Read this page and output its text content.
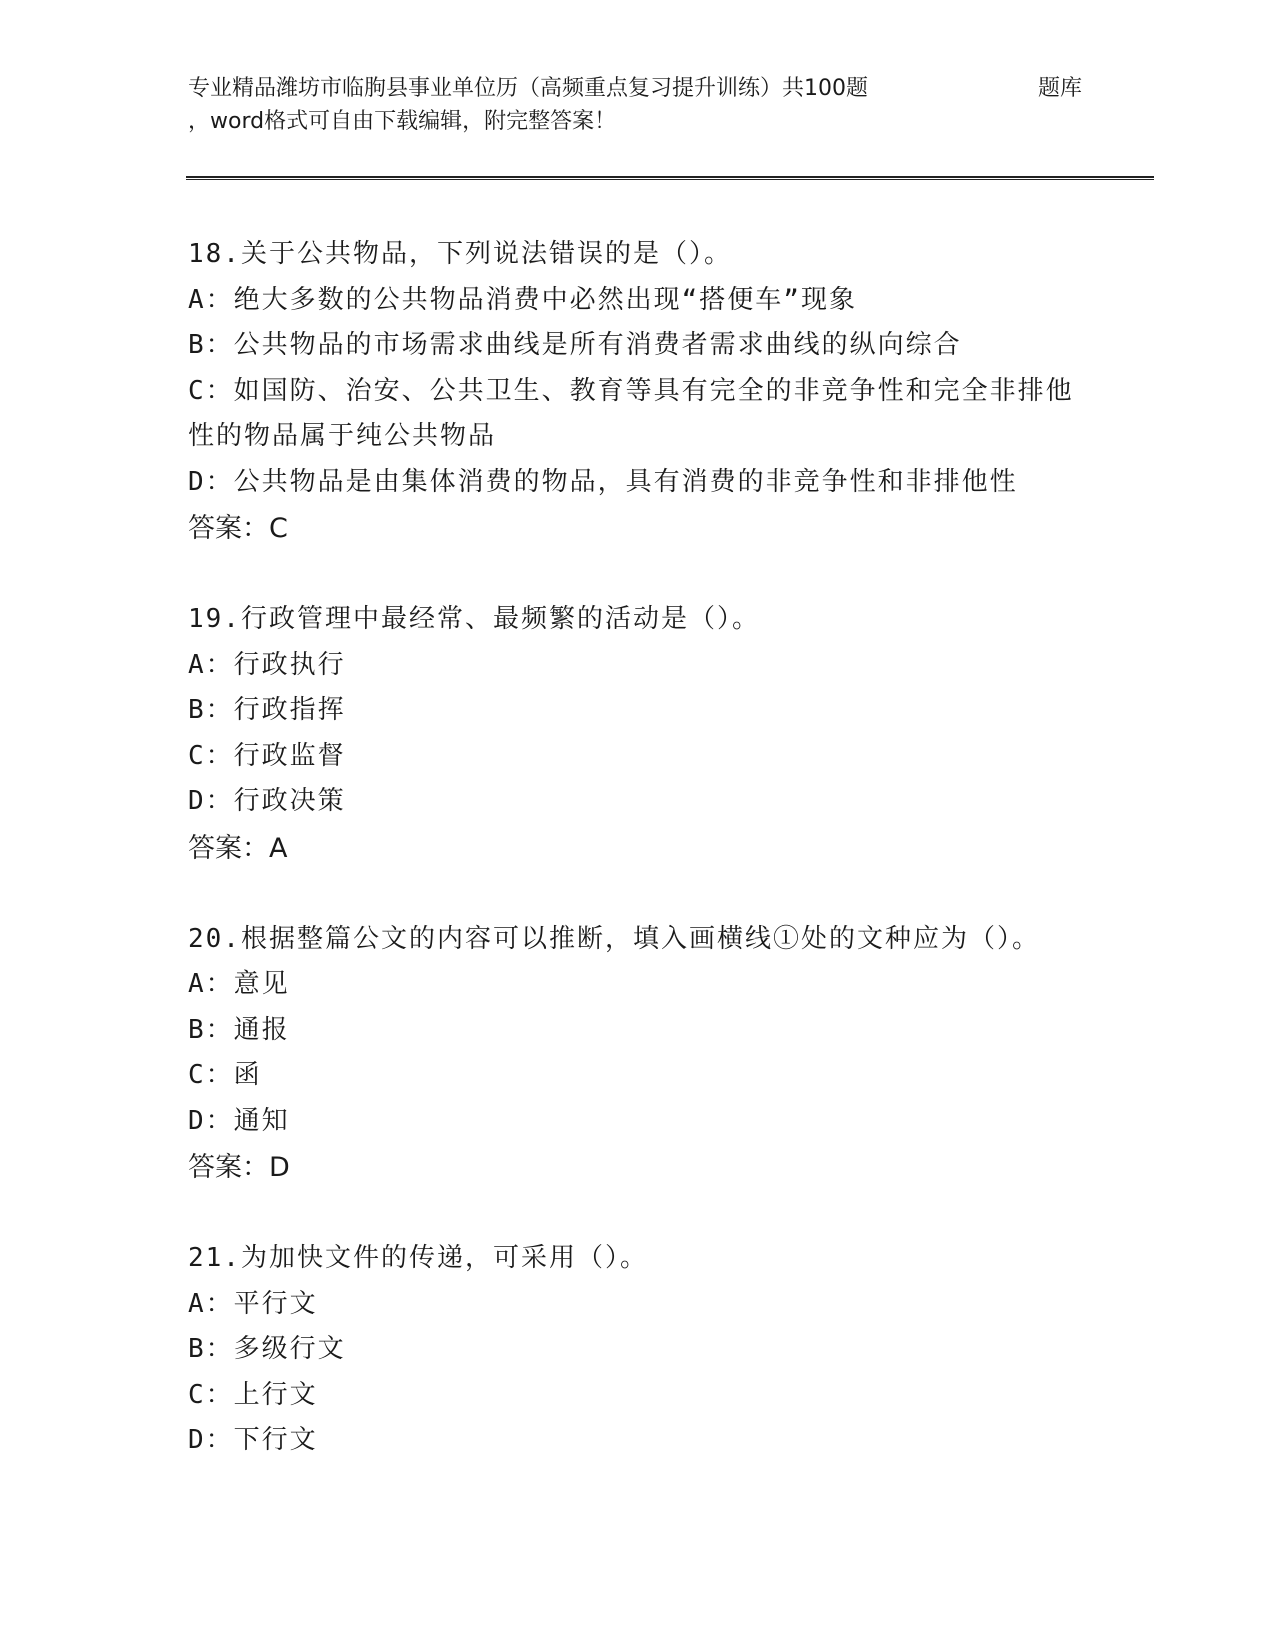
专业精品潍坊市临朐县事业单位历（高频重点复习提升训练）共100题	题库
，word格式可自由下载编辑，附完整答案！
18.关于公共物品，下列说法错误的是（）。
A：绝大多数的公共物品消费中必然出现“搭便车”现象
B：公共物品的市场需求曲线是所有消费者需求曲线的纵向综合
C：如国防、治安、公共卫生、教育等具有完全的非竞争性和完全非排他性的物品属于纯公共物品
D：公共物品是由集体消费的物品，具有消费的非竞争性和非排他性
答案：C
19.行政管理中最经常、最频繁的活动是（）。
A：行政执行
B：行政指挥
C：行政监督
D：行政决策
答案：A
20.根据整篇公文的内容可以推断，填入画横线①处的文种应为（）。
A：意见
B：通报
C：函
D：通知
答案：D
21.为加快文件的传递，可采用（）。
A：平行文
B：多级行文
C：上行文
D：下行文
